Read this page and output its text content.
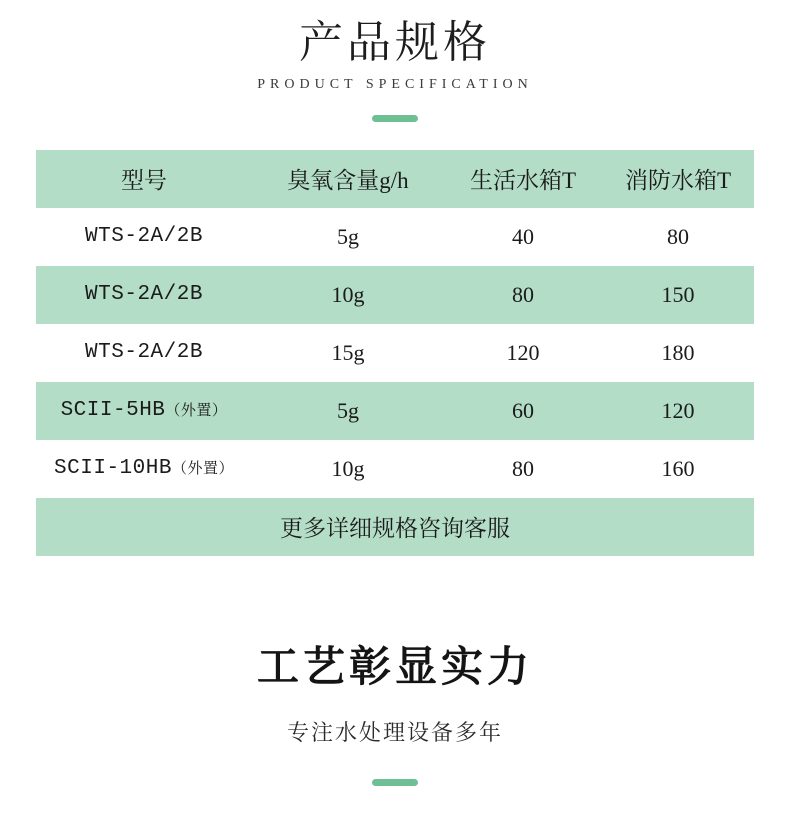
产品规格
PRODUCT SPECIFICATION
型号	臭氧含量g/h	生活水箱T	消防水箱T
WTS-2A/2B	5g	40	80
WTS-2A/2B	10g	80	150
WTS-2A/2B	15g	120	180
SCII-5HB（外置）	5g	60	120
SCII-10HB（外置）	10g	80	160
更多详细规格咨询客服			
工艺彰显实力
专注水处理设备多年
